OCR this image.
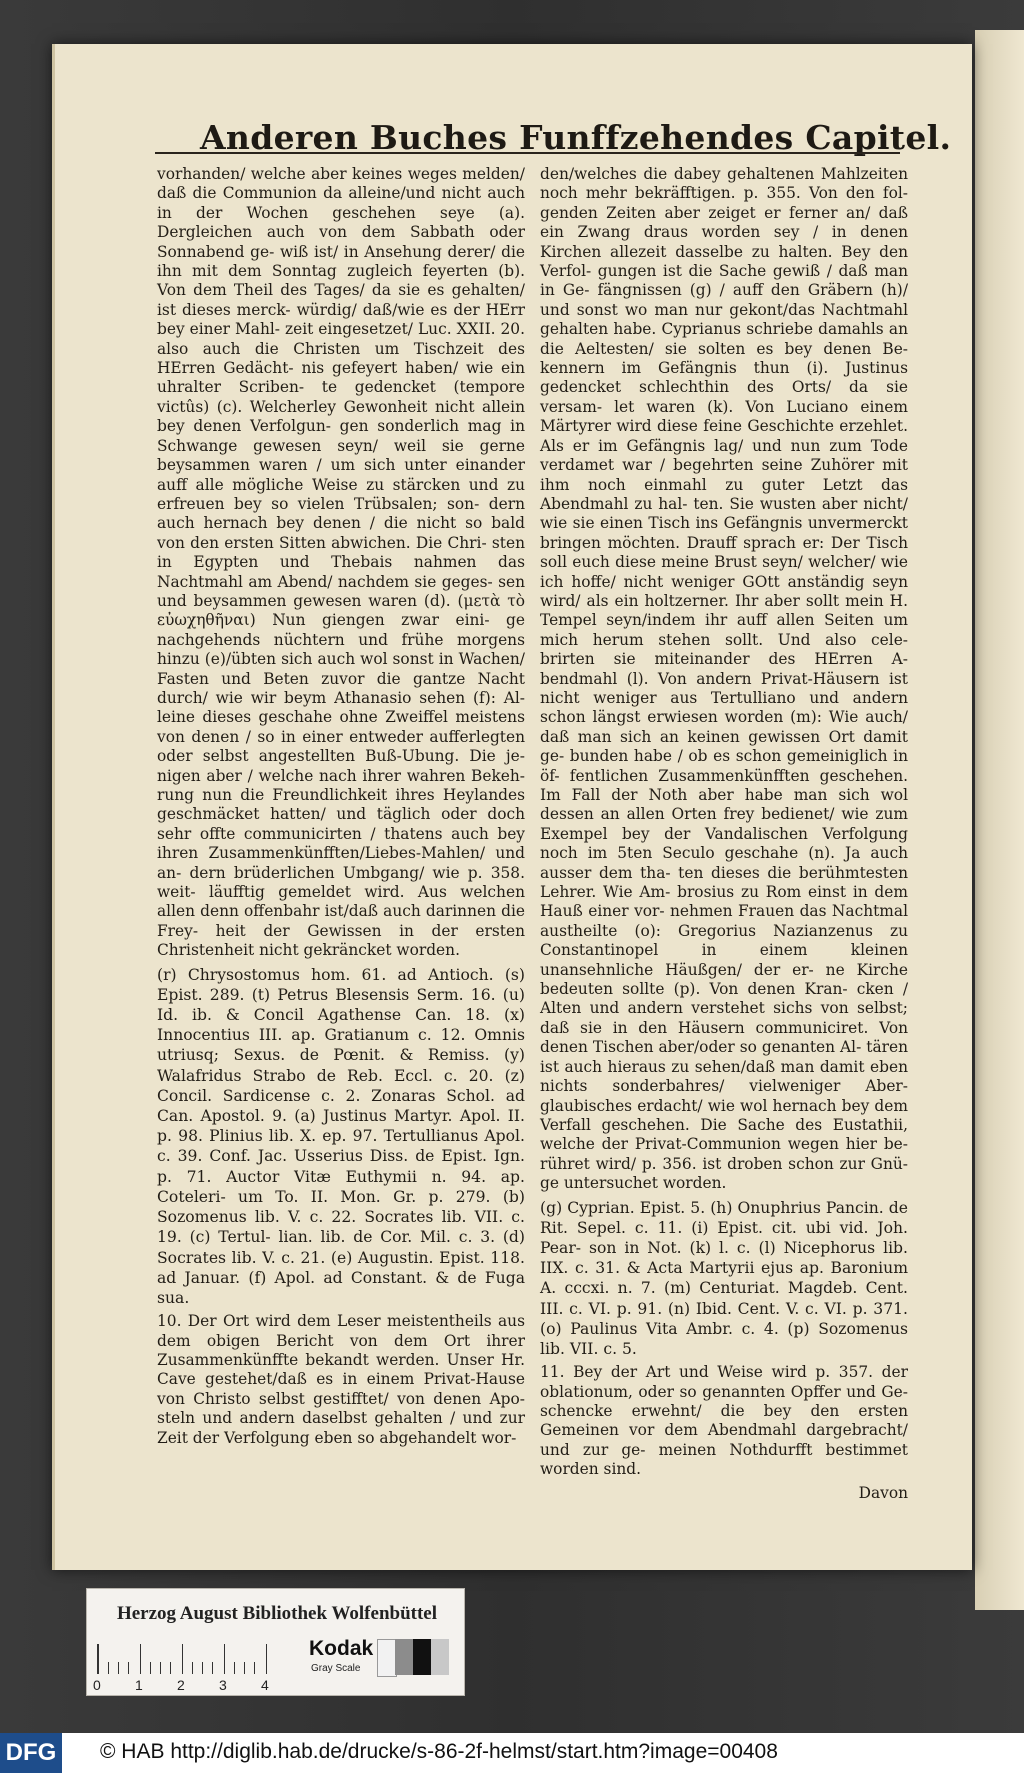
Anderen Buches Funffzehendes Capitel.

vorhanden/ welche aber keines weges melden/ daß die Communion da alleine/und nicht auch in der Wochen geschehen seye (a). Dergleichen auch von dem Sabbath oder Sonnabend ge- wiß ist/ in Ansehung derer/ die ihn mit dem Sonntag zugleich feyerten (b). Von dem Theil des Tages/ da sie es gehalten/ ist dieses merck- würdig/ daß/wie es der HErr bey einer Mahl- zeit eingesetzet/ Luc. XXII. 20. also auch die Christen um Tischzeit des HErren Gedächt- nis gefeyert haben/ wie ein uhralter Scriben- te gedencket (tempore victûs) (c). Welcherley Gewonheit nicht allein bey denen Verfolgun- gen sonderlich mag in Schwange gewesen seyn/ weil sie gerne beysammen waren / um sich unter einander auff alle mögliche Weise zu stärcken und zu erfreuen bey so vielen Trübsalen; son- dern auch hernach bey denen / die nicht so bald von den ersten Sitten abwichen. Die Chri- sten in Egypten und Thebais nahmen das Nachtmahl am Abend/ nachdem sie geges- sen und beysammen gewesen waren (d). (μετὰ τὸ εὐωχηθῆναι) Nun giengen zwar eini- ge nachgehends nüchtern und frühe morgens hinzu (e)/übten sich auch wol sonst in Wachen/ Fasten und Beten zuvor die gantze Nacht durch/ wie wir beym Athanasio sehen (f): Al- leine dieses geschahe ohne Zweiffel meistens von denen / so in einer entweder aufferlegten oder selbst angestellten Buß-Ubung. Die je- nigen aber / welche nach ihrer wahren Bekeh- rung nun die Freundlichkeit ihres Heylandes geschmäcket hatten/ und täglich oder doch sehr offte communicirten / thatens auch bey ihren Zusammenkünfften/Liebes-Mahlen/ und an- dern brüderlichen Umbgang/ wie p. 358. weit- läufftig gemeldet wird. Aus welchen allen denn offenbahr ist/daß auch darinnen die Frey- heit der Gewissen in der ersten Christenheit nicht gekräncket worden.

(r) Chrysostomus hom. 61. ad Antioch. (s) Epist. 289. (t) Petrus Blesensis Serm. 16. (u) Id. ib. & Concil Agathense Can. 18. (x) Innocentius III. ap. Gratianum c. 12. Omnis utriusq; Sexus. de Pœnit. & Remiss. (y) Walafridus Strabo de Reb. Eccl. c. 20. (z) Concil. Sardicense c. 2. Zonaras Schol. ad Can. Apostol. 9. (a) Justinus Martyr. Apol. II. p. 98. Plinius lib. X. ep. 97. Tertullianus Apol. c. 39. Conf. Jac. Usserius Diss. de Epist. Ign. p. 71. Auctor Vitæ Euthymii n. 94. ap. Coteleri- um To. II. Mon. Gr. p. 279. (b) Sozomenus lib. V. c. 22. Socrates lib. VII. c. 19. (c) Tertul- lian. lib. de Cor. Mil. c. 3. (d) Socrates lib. V. c. 21. (e) Augustin. Epist. 118. ad Januar. (f) Apol. ad Constant. & de Fuga sua.

10. Der Ort wird dem Leser meistentheils aus dem obigen Bericht von dem Ort ihrer Zusammenkünffte bekandt werden. Unser Hr. Cave gestehet/daß es in einem Privat-Hause von Christo selbst gestifftet/ von denen Apo- steln und andern daselbst gehalten / und zur Zeit der Verfolgung eben so abgehandelt wor-

den/welches die dabey gehaltenen Mahlzeiten noch mehr bekräfftigen. p. 355. Von den fol- genden Zeiten aber zeiget er ferner an/ daß ein Zwang draus worden sey / in denen Kirchen allezeit dasselbe zu halten. Bey den Verfol- gungen ist die Sache gewiß / daß man in Ge- fängnissen (g) / auff den Gräbern (h)/ und sonst wo man nur gekont/das Nachtmahl gehalten habe. Cyprianus schriebe damahls an die Aeltesten/ sie solten es bey denen Be- kennern im Gefängnis thun (i). Justinus gedencket schlechthin des Orts/ da sie versam- let waren (k). Von Luciano einem Märtyrer wird diese feine Geschichte erzehlet. Als er im Gefängnis lag/ und nun zum Tode verdamet war / begehrten seine Zuhörer mit ihm noch einmahl zu guter Letzt das Abendmahl zu hal- ten. Sie wusten aber nicht/ wie sie einen Tisch ins Gefängnis unvermerckt bringen möchten. Drauff sprach er: Der Tisch soll euch diese meine Brust seyn/ welcher/ wie ich hoffe/ nicht weniger GOtt anständig seyn wird/ als ein holtzerner. Ihr aber sollt mein H. Tempel seyn/indem ihr auff allen Seiten um mich herum stehen sollt. Und also cele- brirten sie miteinander des HErren A- bendmahl (l). Von andern Privat-Häusern ist nicht weniger aus Tertulliano und andern schon längst erwiesen worden (m): Wie auch/ daß man sich an keinen gewissen Ort damit ge- bunden habe / ob es schon gemeiniglich in öf- fentlichen Zusammenkünfften geschehen. Im Fall der Noth aber habe man sich wol dessen an allen Orten frey bedienet/ wie zum Exempel bey der Vandalischen Verfolgung noch im 5ten Seculo geschahe (n). Ja auch ausser dem tha- ten dieses die berühmtesten Lehrer. Wie Am- brosius zu Rom einst in dem Hauß einer vor- nehmen Frauen das Nachtmal austheilte (o): Gregorius Nazianzenus zu Constantinopel in einem kleinen unansehnliche Häußgen/ der er- ne Kirche bedeuten sollte (p). Von denen Kran- cken / Alten und andern verstehet sichs von selbst; daß sie in den Häusern communiciret. Von denen Tischen aber/oder so genanten Al- tären ist auch hieraus zu sehen/daß man damit eben nichts sonderbahres/ vielweniger Aber- glaubisches erdacht/ wie wol hernach bey dem Verfall geschehen. Die Sache des Eustathii, welche der Privat-Communion wegen hier be- rühret wird/ p. 356. ist droben schon zur Gnü- ge untersuchet worden.

(g) Cyprian. Epist. 5. (h) Onuphrius Pancin. de Rit. Sepel. c. 11. (i) Epist. cit. ubi vid. Joh. Pear- son in Not. (k) l. c. (l) Nicephorus lib. IIX. c. 31. & Acta Martyrii ejus ap. Baronium A. cccxi. n. 7. (m) Centuriat. Magdeb. Cent. III. c. VI. p. 91. (n) Ibid. Cent. V. c. VI. p. 371. (o) Paulinus Vita Ambr. c. 4. (p) Sozomenus lib. VII. c. 5.

11. Bey der Art und Weise wird p. 357. der oblationum, oder so genannten Opffer und Ge- schencke erwehnt/ die bey den ersten Gemeinen vor dem Abendmahl dargebracht/ und zur ge- meinen Nothdurfft bestimmet worden sind.

Davon

Herzog August Bibliothek Wolfenbüttel
0 1 2 3 4
Kodak
Gray Scale
DFG © HAB http://diglib.hab.de/drucke/s-86-2f-helmst/start.htm?image=00408
